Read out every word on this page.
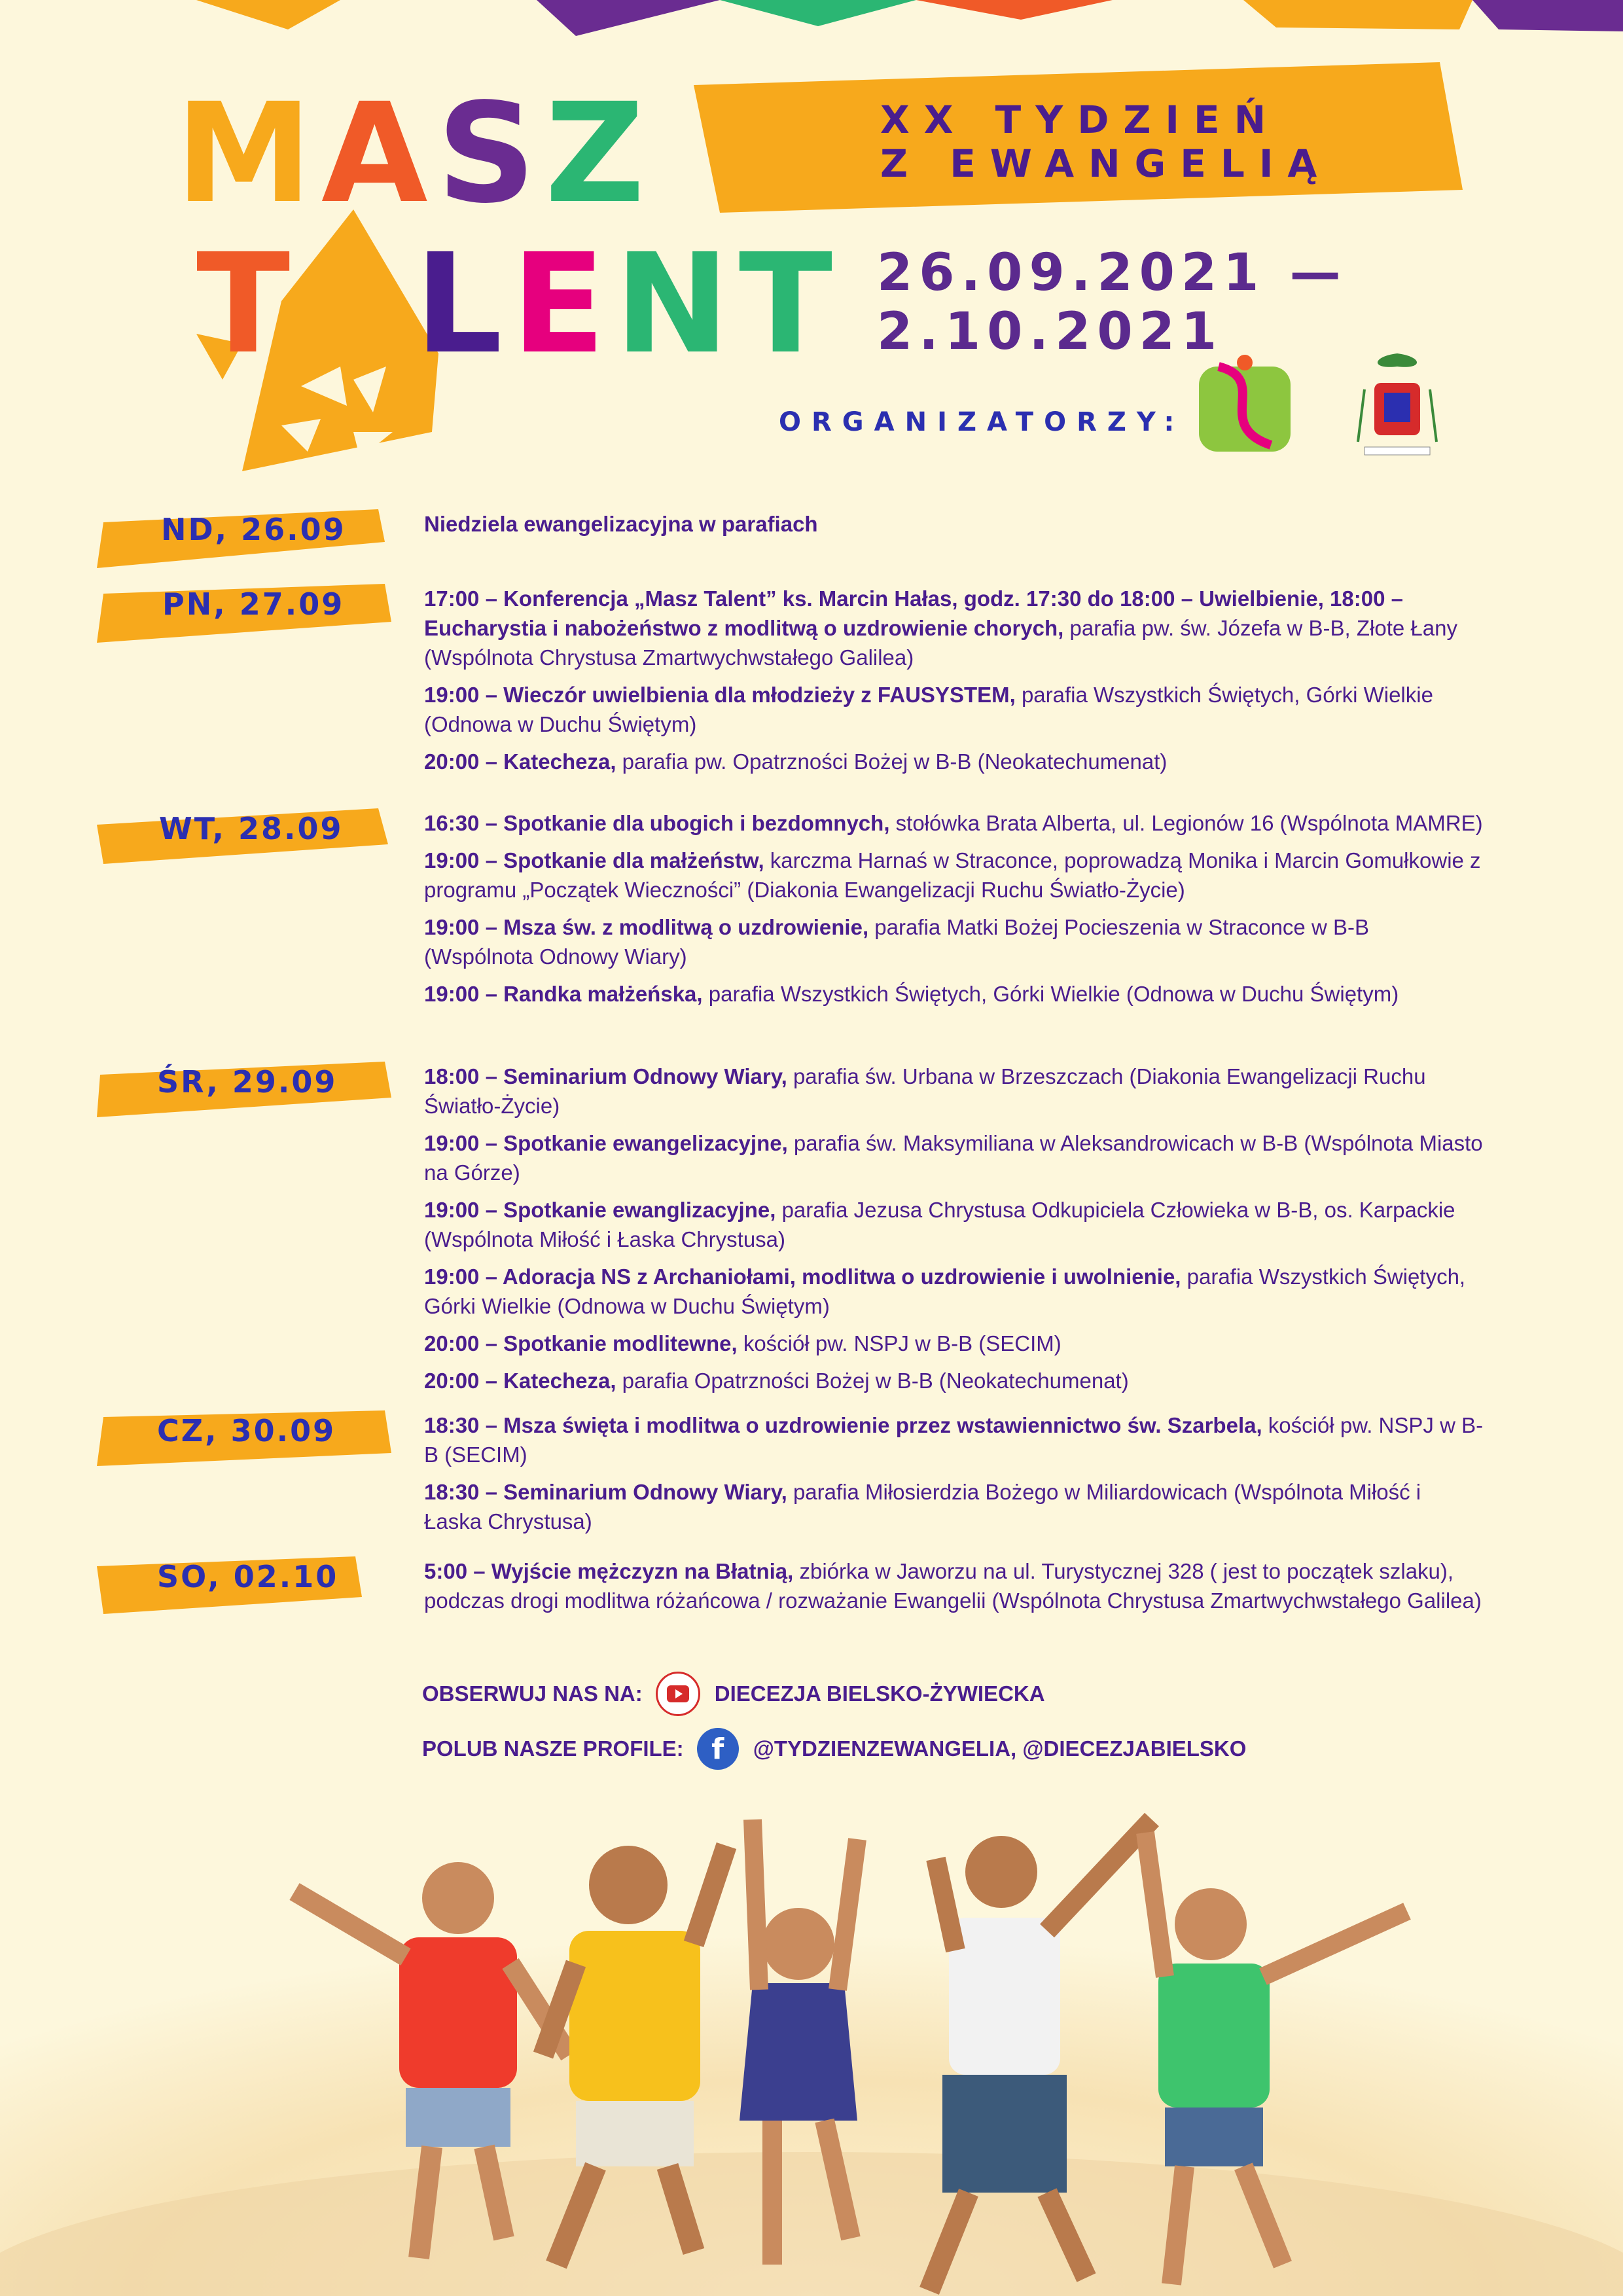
MASZ
T LENT
XX TYDZIEŃ
Z EWANGELIĄ
26.09.2021 — 2.10.2021
ORGANIZATORZY:
ND, 26.09	Niedziela ewangelizacyjna w parafiach
PN, 27.09	17:00 – Konferencja „Masz Talent” ks. Marcin Hałas, godz. 17:30 do 18:00 – Uwielbienie, 18:00 – Eucharystia i nabożeństwo z modlitwą o uzdrowienie chorych, parafia pw. św. Józefa w B-B, Złote Łany (Wspólnota Chrystusa Zmartwychwstałego Galilea)
19:00 – Wieczór uwielbienia dla młodzieży z FAUSYSTEM, parafia Wszystkich Świętych, Górki Wielkie (Odnowa w Duchu Świętym)
20:00 – Katecheza, parafia pw. Opatrzności Bożej w B-B (Neokatechumenat)
WT, 28.09	16:30 – Spotkanie dla ubogich i bezdomnych, stołówka Brata Alberta, ul. Legionów 16 (Wspólnota MAMRE)
19:00 – Spotkanie dla małżeństw, karczma Harnaś w Straconce, poprowadzą Monika i Marcin Gomułkowie z programu „Początek Wieczności” (Diakonia Ewangelizacji Ruchu Światło-Życie)
19:00 – Msza św. z modlitwą o uzdrowienie, parafia Matki Bożej Pocieszenia w Straconce w B-B (Wspólnota Odnowy Wiary)
19:00 – Randka małżeńska, parafia Wszystkich Świętych, Górki Wielkie (Odnowa w Duchu Świętym)
ŚR, 29.09	18:00 – Seminarium Odnowy Wiary, parafia św. Urbana w Brzeszczach (Diakonia Ewangelizacji Ruchu Światło-Życie)
19:00 – Spotkanie ewangelizacyjne, parafia św. Maksymiliana w Aleksandrowicach w B-B (Wspólnota Miasto na Górze)
19:00 – Spotkanie ewanglizacyjne, parafia Jezusa Chrystusa Odkupiciela Człowieka w B-B, os. Karpackie (Wspólnota Miłość i Łaska Chrystusa)
19:00 – Adoracja NS z Archaniołami, modlitwa o uzdrowienie i uwolnienie, parafia Wszystkich Świętych, Górki Wielkie (Odnowa w Duchu Świętym)
20:00 – Spotkanie modlitewne, kościół pw. NSPJ w B-B (SECIM)
20:00 – Katecheza, parafia Opatrzności Bożej w B-B (Neokatechumenat)
CZ, 30.09	18:30 – Msza święta i modlitwa o uzdrowienie przez wstawiennictwo św. Szarbela, kościół pw. NSPJ w B-B (SECIM)
18:30 – Seminarium Odnowy Wiary, parafia Miłosierdzia Bożego w Miliardowicach (Wspólnota Miłość i Łaska Chrystusa)
SO, 02.10	5:00 – Wyjście mężczyzn na Błatnią, zbiórka w Jaworzu na ul. Turystycznej 328 ( jest to początek szlaku), podczas drogi modlitwa różańcowa / rozważanie Ewangelii (Wspólnota Chrystusa Zmartwychwstałego Galilea)
OBSERWUJ NAS NA:	DIECEZJA BIELSKO-ŻYWIECKA
POLUB NASZE PROFILE: f	@TYDZIENZEWANGELIA, @DIECEZJABIELSKO
